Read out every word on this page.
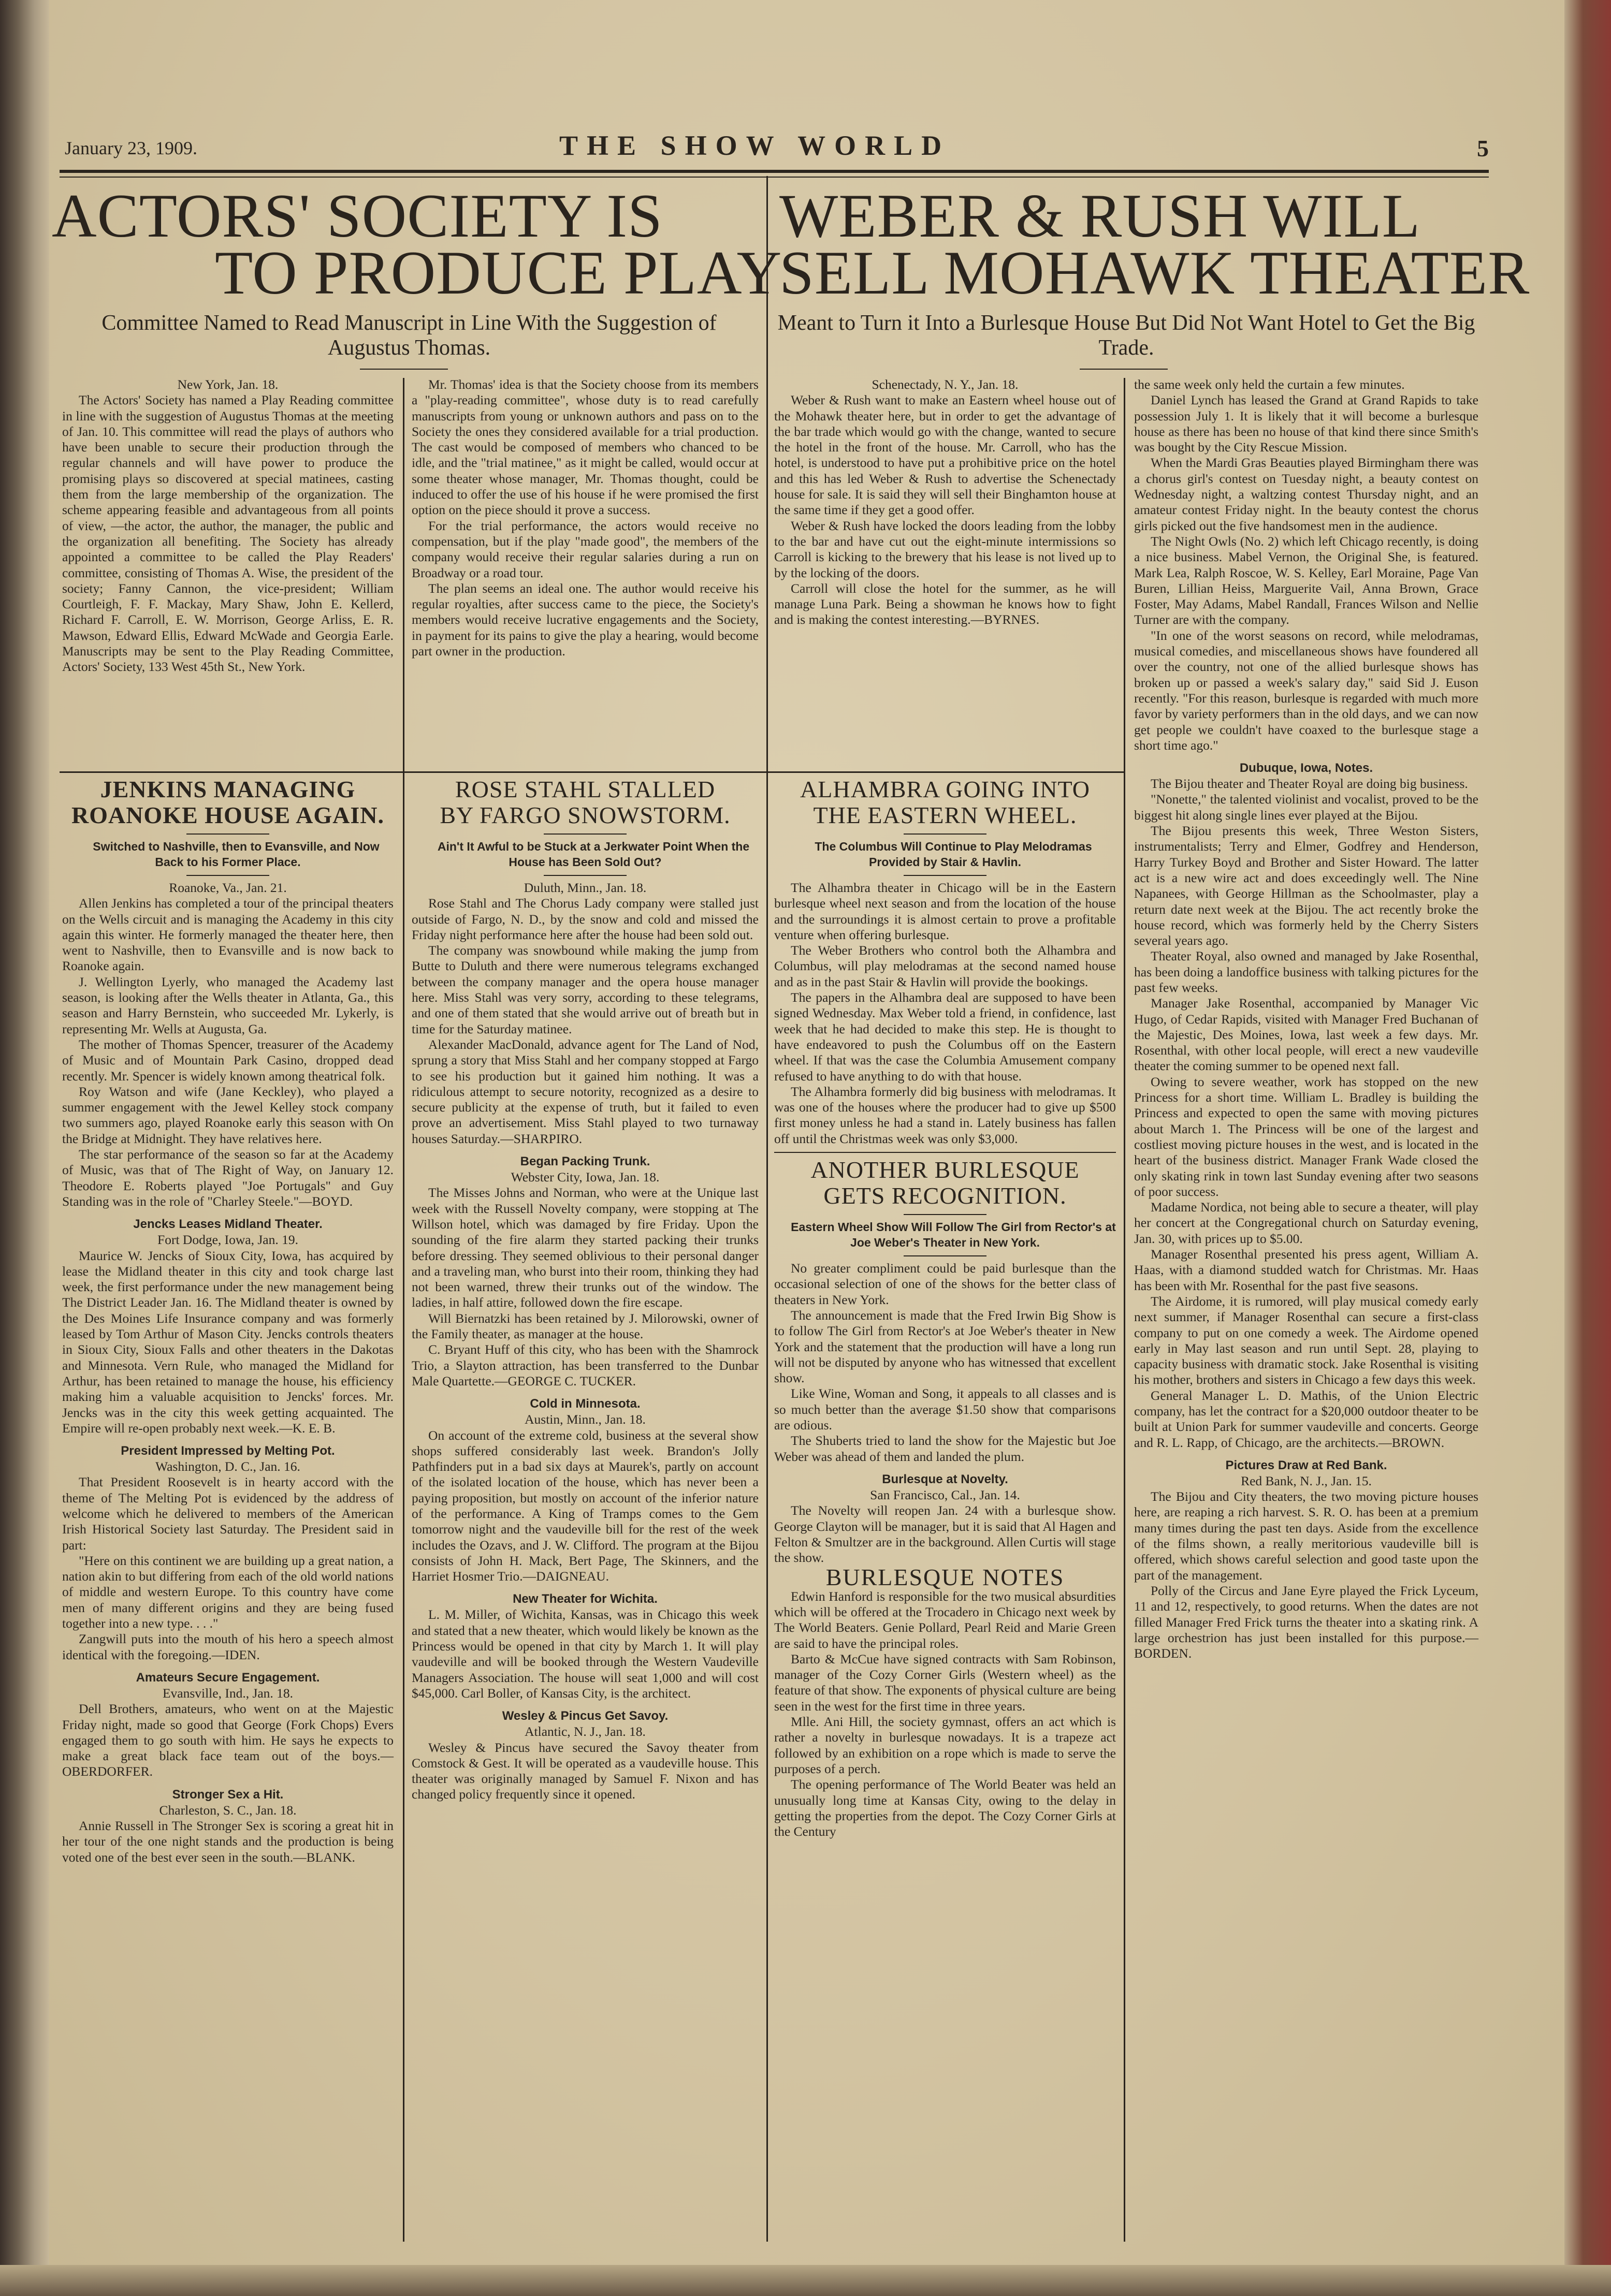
January 23, 1909.	THE SHOW WORLD	5
ACTORS' SOCIETY IS
TO PRODUCE PLAY
Committee Named to Read Manuscript in Line With the Suggestion of Augustus Thomas.
WEBER & RUSH WILL
SELL MOHAWK THEATER
Meant to Turn it Into a Burlesque House But Did Not Want Hotel to Get the Big Trade.

New York, Jan. 18.

The Actors' Society has named a Play Reading committee in line with the suggestion of Augustus Thomas at the meeting of Jan. 10. This committee will read the plays of authors who have been unable to secure their production through the regular channels and will have power to produce the promising plays so discovered at special matinees, casting them from the large membership of the organization. The scheme appearing feasible and advantageous from all points of view, —the actor, the author, the manager, the public and the organization all benefiting. The Society has already appointed a committee to be called the Play Readers' committee, consisting of Thomas A. Wise, the president of the society; Fanny Cannon, the vice-president; William Courtleigh, F. F. Mackay, Mary Shaw, John E. Kellerd, Richard F. Carroll, E. W. Morrison, George Arliss, E. R. Mawson, Edward Ellis, Edward McWade and Georgia Earle. Manuscripts may be sent to the Play Reading Committee, Actors' Society, 133 West 45th St., New York.

Mr. Thomas' idea is that the Society choose from its members a "play-reading committee", whose duty is to read carefully manuscripts from young or unknown authors and pass on to the Society the ones they considered available for a trial production. The cast would be composed of members who chanced to be idle, and the "trial matinee," as it might be called, would occur at some theater whose manager, Mr. Thomas thought, could be induced to offer the use of his house if he were promised the first option on the piece should it prove a success.

For the trial performance, the actors would receive no compensation, but if the play "made good", the members of the company would receive their regular salaries during a run on Broadway or a road tour.

The plan seems an ideal one. The author would receive his regular royalties, after success came to the piece, the Society's members would receive lucrative engagements and the Society, in payment for its pains to give the play a hearing, would become part owner in the production.

Schenectady, N. Y., Jan. 18.

Weber & Rush want to make an Eastern wheel house out of the Mohawk theater here, but in order to get the advantage of the bar trade which would go with the change, wanted to secure the hotel in the front of the house. Mr. Carroll, who has the hotel, is understood to have put a prohibitive price on the hotel and this has led Weber & Rush to advertise the Schenectady house for sale. It is said they will sell their Binghamton house at the same time if they get a good offer.

Weber & Rush have locked the doors leading from the lobby to the bar and have cut out the eight-minute intermissions so Carroll is kicking to the brewery that his lease is not lived up to by the locking of the doors.

Carroll will close the hotel for the summer, as he will manage Luna Park. Being a showman he knows how to fight and is making the contest interesting.—BYRNES.

JENKINS MANAGING

ROANOKE HOUSE AGAIN.

Switched to Nashville, then to Evansville, and Now Back to his Former Place.

Roanoke, Va., Jan. 21.

Allen Jenkins has completed a tour of the principal theaters on the Wells circuit and is managing the Academy in this city again this winter. He formerly managed the theater here, then went to Nashville, then to Evansville and is now back to Roanoke again.

J. Wellington Lyerly, who managed the Academy last season, is looking after the Wells theater in Atlanta, Ga., this season and Harry Bernstein, who succeeded Mr. Lykerly, is representing Mr. Wells at Augusta, Ga.

The mother of Thomas Spencer, treasurer of the Academy of Music and of Mountain Park Casino, dropped dead recently. Mr. Spencer is widely known among theatrical folk.

Roy Watson and wife (Jane Keckley), who played a summer engagement with the Jewel Kelley stock company two summers ago, played Roanoke early this season with On the Bridge at Midnight. They have relatives here.

The star performance of the season so far at the Academy of Music, was that of The Right of Way, on January 12. Theodore E. Roberts played "Joe Portugals" and Guy Standing was in the role of "Charley Steele."—BOYD.

Jencks Leases Midland Theater.

Fort Dodge, Iowa, Jan. 19.

Maurice W. Jencks of Sioux City, Iowa, has acquired by lease the Midland theater in this city and took charge last week, the first performance under the new management being The District Leader Jan. 16. The Midland theater is owned by the Des Moines Life Insurance company and was formerly leased by Tom Arthur of Mason City. Jencks controls theaters in Sioux City, Sioux Falls and other theaters in the Dakotas and Minnesota. Vern Rule, who managed the Midland for Arthur, has been retained to manage the house, his efficiency making him a valuable acquisition to Jencks' forces. Mr. Jencks was in the city this week getting acquainted. The Empire will re-open probably next week.—K. E. B.

President Impressed by Melting Pot.

Washington, D. C., Jan. 16.

That President Roosevelt is in hearty accord with the theme of The Melting Pot is evidenced by the address of welcome which he delivered to members of the American Irish Historical Society last Saturday. The President said in part:

"Here on this continent we are building up a great nation, a nation akin to but differing from each of the old world nations of middle and western Europe. To this country have come men of many different origins and they are being fused together into a new type. . . ."

Zangwill puts into the mouth of his hero a speech almost identical with the foregoing.—IDEN.

Amateurs Secure Engagement.

Evansville, Ind., Jan. 18.

Dell Brothers, amateurs, who went on at the Majestic Friday night, made so good that George (Fork Chops) Evers engaged them to go south with him. He says he expects to make a great black face team out of the boys.—OBERDORFER.

Stronger Sex a Hit.

Charleston, S. C., Jan. 18.

Annie Russell in The Stronger Sex is scoring a great hit in her tour of the one night stands and the production is being voted one of the best ever seen in the south.—BLANK.

ROSE STAHL STALLED

BY FARGO SNOWSTORM.

Ain't It Awful to be Stuck at a Jerkwater Point When the House has Been Sold Out?

Duluth, Minn., Jan. 18.

Rose Stahl and The Chorus Lady company were stalled just outside of Fargo, N. D., by the snow and cold and missed the Friday night performance here after the house had been sold out.

The company was snowbound while making the jump from Butte to Duluth and there were numerous telegrams exchanged between the company manager and the opera house manager here. Miss Stahl was very sorry, according to these telegrams, and one of them stated that she would arrive out of breath but in time for the Saturday matinee.

Alexander MacDonald, advance agent for The Land of Nod, sprung a story that Miss Stahl and her company stopped at Fargo to see his production but it gained him nothing. It was a ridiculous attempt to secure notority, recognized as a desire to secure publicity at the expense of truth, but it failed to even prove an advertisement. Miss Stahl played to two turnaway houses Saturday.—SHARPIRO.

Began Packing Trunk.

Webster City, Iowa, Jan. 18.

The Misses Johns and Norman, who were at the Unique last week with the Russell Novelty company, were stopping at The Willson hotel, which was damaged by fire Friday. Upon the sounding of the fire alarm they started packing their trunks before dressing. They seemed oblivious to their personal danger and a traveling man, who burst into their room, thinking they had not been warned, threw their trunks out of the window. The ladies, in half attire, followed down the fire escape.

Will Biernatzki has been retained by J. Milorowski, owner of the Family theater, as manager at the house.

C. Bryant Huff of this city, who has been with the Shamrock Trio, a Slayton attraction, has been transferred to the Dunbar Male Quartette.—GEORGE C. TUCKER.

Cold in Minnesota.

Austin, Minn., Jan. 18.

On account of the extreme cold, business at the several show shops suffered considerably last week. Brandon's Jolly Pathfinders put in a bad six days at Maurek's, partly on account of the isolated location of the house, which has never been a paying proposition, but mostly on account of the inferior nature of the performance. A King of Tramps comes to the Gem tomorrow night and the vaudeville bill for the rest of the week includes the Ozavs, and J. W. Clifford. The program at the Bijou consists of John H. Mack, Bert Page, The Skinners, and the Harriet Hosmer Trio.—DAIGNEAU.

New Theater for Wichita.

L. M. Miller, of Wichita, Kansas, was in Chicago this week and stated that a new theater, which would likely be known as the Princess would be opened in that city by March 1. It will play vaudeville and will be booked through the Western Vaudeville Managers Association. The house will seat 1,000 and will cost $45,000. Carl Boller, of Kansas City, is the architect.

Wesley & Pincus Get Savoy.

Atlantic, N. J., Jan. 18.

Wesley & Pincus have secured the Savoy theater from Comstock & Gest. It will be operated as a vaudeville house. This theater was originally managed by Samuel F. Nixon and has changed policy frequently since it opened.

ALHAMBRA GOING INTO

THE EASTERN WHEEL.

The Columbus Will Continue to Play Melodramas Provided by Stair & Havlin.

The Alhambra theater in Chicago will be in the Eastern burlesque wheel next season and from the location of the house and the surroundings it is almost certain to prove a profitable venture when offering burlesque.

The Weber Brothers who control both the Alhambra and Columbus, will play melodramas at the second named house and as in the past Stair & Havlin will provide the bookings.

The papers in the Alhambra deal are supposed to have been signed Wednesday. Max Weber told a friend, in confidence, last week that he had decided to make this step. He is thought to have endeavored to push the Columbus off on the Eastern wheel. If that was the case the Columbia Amusement company refused to have anything to do with that house.

The Alhambra formerly did big business with melodramas. It was one of the houses where the producer had to give up $500 first money unless he had a stand in. Lately business has fallen off until the Christmas week was only $3,000.

ANOTHER BURLESQUE

GETS RECOGNITION.

Eastern Wheel Show Will Follow The Girl from Rector's at Joe Weber's Theater in New York.

No greater compliment could be paid burlesque than the occasional selection of one of the shows for the better class of theaters in New York.

The announcement is made that the Fred Irwin Big Show is to follow The Girl from Rector's at Joe Weber's theater in New York and the statement that the production will have a long run will not be disputed by anyone who has witnessed that excellent show.

Like Wine, Woman and Song, it appeals to all classes and is so much better than the average $1.50 show that comparisons are odious.

The Shuberts tried to land the show for the Majestic but Joe Weber was ahead of them and landed the plum.

Burlesque at Novelty.

San Francisco, Cal., Jan. 14.

The Novelty will reopen Jan. 24 with a burlesque show. George Clayton will be manager, but it is said that Al Hagen and Felton & Smultzer are in the background. Allen Curtis will stage the show.

BURLESQUE NOTES

Edwin Hanford is responsible for the two musical absurdities which will be offered at the Trocadero in Chicago next week by The World Beaters. Genie Pollard, Pearl Reid and Marie Green are said to have the principal roles.

Barto & McCue have signed contracts with Sam Robinson, manager of the Cozy Corner Girls (Western wheel) as the feature of that show. The exponents of physical culture are being seen in the west for the first time in three years.

Mlle. Ani Hill, the society gymnast, offers an act which is rather a novelty in burlesque nowadays. It is a trapeze act followed by an exhibition on a rope which is made to serve the purposes of a perch.

The opening performance of The World Beater was held an unusually long time at Kansas City, owing to the delay in getting the properties from the depot. The Cozy Corner Girls at the Century

the same week only held the curtain a few minutes.

Daniel Lynch has leased the Grand at Grand Rapids to take possession July 1. It is likely that it will become a burlesque house as there has been no house of that kind there since Smith's was bought by the City Rescue Mission.

When the Mardi Gras Beauties played Birmingham there was a chorus girl's contest on Tuesday night, a beauty contest on Wednesday night, a waltzing contest Thursday night, and an amateur contest Friday night. In the beauty contest the chorus girls picked out the five handsomest men in the audience.

The Night Owls (No. 2) which left Chicago recently, is doing a nice business. Mabel Vernon, the Original She, is featured. Mark Lea, Ralph Roscoe, W. S. Kelley, Earl Moraine, Page Van Buren, Lillian Heiss, Marguerite Vail, Anna Brown, Grace Foster, May Adams, Mabel Randall, Frances Wilson and Nellie Turner are with the company.

"In one of the worst seasons on record, while melodramas, musical comedies, and miscellaneous shows have foundered all over the country, not one of the allied burlesque shows has broken up or passed a week's salary day," said Sid J. Euson recently. "For this reason, burlesque is regarded with much more favor by variety performers than in the old days, and we can now get people we couldn't have coaxed to the burlesque stage a short time ago."

Dubuque, Iowa, Notes.

The Bijou theater and Theater Royal are doing big business.

"Nonette," the talented violinist and vocalist, proved to be the biggest hit along single lines ever played at the Bijou.

The Bijou presents this week, Three Weston Sisters, instrumentalists; Terry and Elmer, Godfrey and Henderson, Harry Turkey Boyd and Brother and Sister Howard. The latter act is a new wire act and does exceedingly well. The Nine Napanees, with George Hillman as the Schoolmaster, play a return date next week at the Bijou. The act recently broke the house record, which was formerly held by the Cherry Sisters several years ago.

Theater Royal, also owned and managed by Jake Rosenthal, has been doing a landoffice business with talking pictures for the past few weeks.

Manager Jake Rosenthal, accompanied by Manager Vic Hugo, of Cedar Rapids, visited with Manager Fred Buchanan of the Majestic, Des Moines, Iowa, last week a few days. Mr. Rosenthal, with other local people, will erect a new vaudeville theater the coming summer to be opened next fall.

Owing to severe weather, work has stopped on the new Princess for a short time. William L. Bradley is building the Princess and expected to open the same with moving pictures about March 1. The Princess will be one of the largest and costliest moving picture houses in the west, and is located in the heart of the business district. Manager Frank Wade closed the only skating rink in town last Sunday evening after two seasons of poor success.

Madame Nordica, not being able to secure a theater, will play her concert at the Congregational church on Saturday evening, Jan. 30, with prices up to $5.00.

Manager Rosenthal presented his press agent, William A. Haas, with a diamond studded watch for Christmas. Mr. Haas has been with Mr. Rosenthal for the past five seasons.

The Airdome, it is rumored, will play musical comedy early next summer, if Manager Rosenthal can secure a first-class company to put on one comedy a week. The Airdome opened early in May last season and run until Sept. 28, playing to capacity business with dramatic stock. Jake Rosenthal is visiting his mother, brothers and sisters in Chicago a few days this week.

General Manager L. D. Mathis, of the Union Electric company, has let the contract for a $20,000 outdoor theater to be built at Union Park for summer vaudeville and concerts. George and R. L. Rapp, of Chicago, are the architects.—BROWN.

Pictures Draw at Red Bank.

Red Bank, N. J., Jan. 15.

The Bijou and City theaters, the two moving picture houses here, are reaping a rich harvest. S. R. O. has been at a premium many times during the past ten days. Aside from the excellence of the films shown, a really meritorious vaudeville bill is offered, which shows careful selection and good taste upon the part of the management.

Polly of the Circus and Jane Eyre played the Frick Lyceum, 11 and 12, respectively, to good returns. When the dates are not filled Manager Fred Frick turns the theater into a skating rink. A large orchestrion has just been installed for this purpose.—BORDEN.
